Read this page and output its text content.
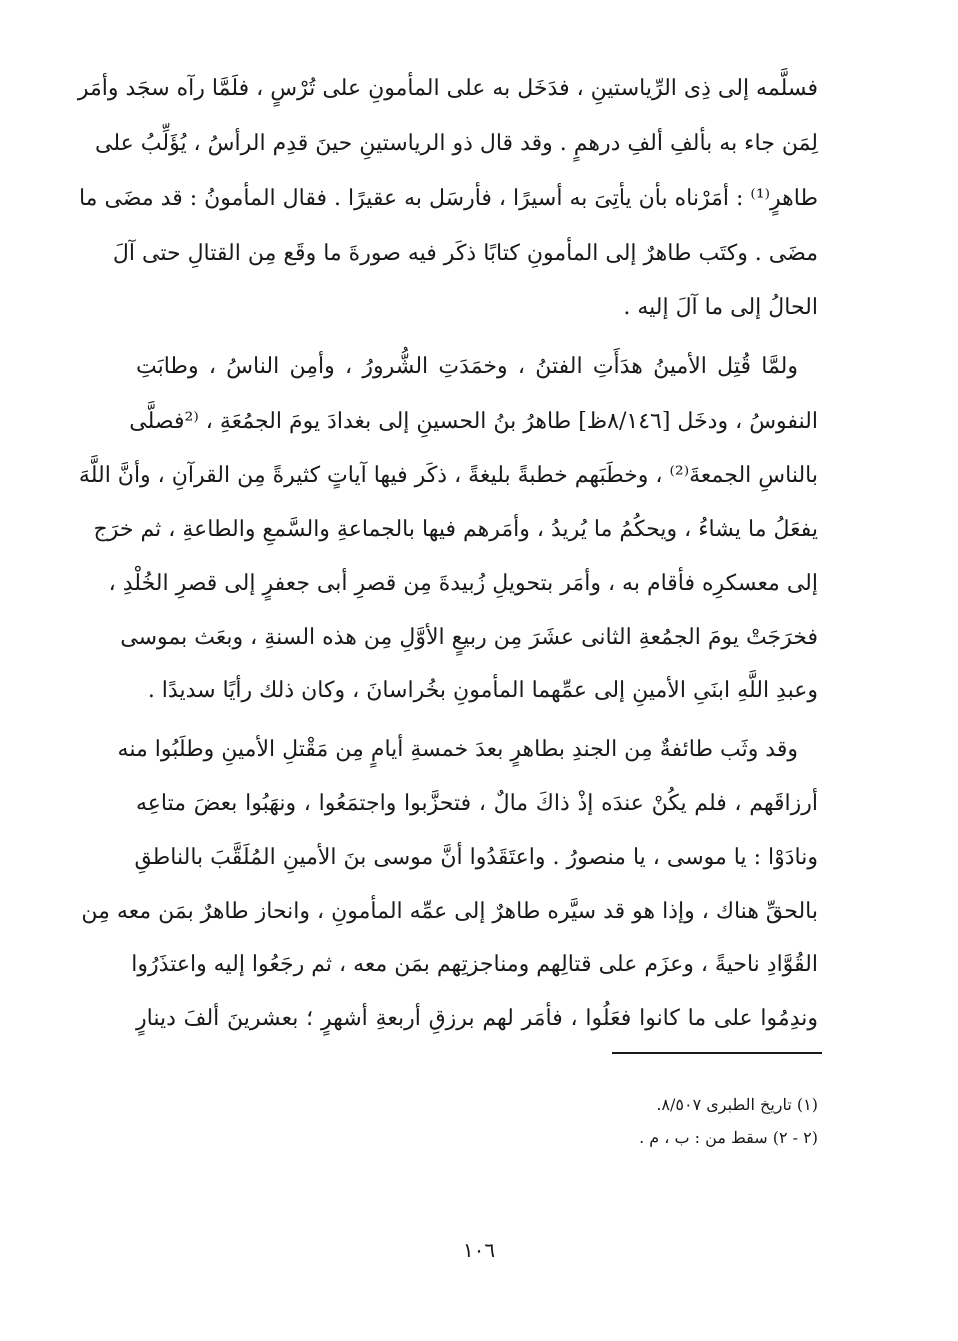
فسلَّمه إلى ذِى الرِّياستينِ ، فدَخَل به على المأمونِ على تُرْسٍ ، فلَمَّا رآه سجَد وأمَر
لِمَن جاء به بألفِ ألفِ درهمٍ . وقد قال ذو الرياستينِ حينَ قدِم الرأسُ ، يُؤَلِّبُ على
طاهرٍ⁽¹⁾ : أمَرْناه بأن يأتِىَ به أسيرًا ، فأرسَل به عقيرًا . فقال المأمونُ : قد مضَى ما
مضَى . وكتَب طاهرٌ إلى المأمونِ كتابًا ذكَر فيه صورةَ ما وقَع مِن القتالِ حتى آلَ
الحالُ إلى ما آلَ إليه .
ولمَّا قُتِل الأمينُ هدَأَتِ الفتنُ ، وخمَدَتِ الشُّرورُ ، وأمِن الناسُ ، وطابَتِ
النفوسُ ، ودخَل [٨/١٤٦ظ] طاهرُ بنُ الحسينِ إلى بغدادَ يومَ الجمُعَةِ ، ⁽²فصلَّى
بالناسِ الجمعةَ⁽²⁾ ، وخطَبَهم خطبةً بليغةً ، ذكَر فيها آياتٍ كثيرةً مِن القرآنِ ، وأنَّ اللَّهَ
يفعَلُ ما يشاءُ ، ويحكُمُ ما يُريدُ ، وأمَرهم فيها بالجماعةِ والسَّمعِ والطاعةِ ، ثم خرَج
إلى معسكرِه فأقام به ، وأمَر بتحويلِ زُبيدةَ مِن قصرِ أبى جعفرٍ إلى قصرِ الخُلْدِ ،
فخرَجَتْ يومَ الجمُعةِ الثانى عشَرَ مِن ربيعٍ الأوَّلِ مِن هذه السنةِ ، وبعَث بموسى
وعبدِ اللَّهِ ابنَىِ الأمينِ إلى عمِّهما المأمونِ بخُراسانَ ، وكان ذلك رأيًا سديدًا .
وقد وثَب طائفةٌ مِن الجندِ بطاهرٍ بعدَ خمسةِ أيامٍ مِن مَقْتلِ الأمينِ وطلَبُوا منه
أرزاقَهم ، فلم يكُنْ عندَه إذْ ذاكَ مالٌ ، فتحزَّبوا واجتمَعُوا ، ونهَبُوا بعضَ متاعِه
ونادَوْا : يا موسى ، يا منصورُ . واعتَقَدُوا أنَّ موسى بنَ الأمينِ المُلَقَّبَ بالناطقِ
بالحقِّ هناك ، وإذا هو قد سيَّره طاهرٌ إلى عمِّه المأمونِ ، وانحاز طاهرٌ بمَن معه مِن
القُوَّادِ ناحيةً ، وعزَم على قتالِهم ومناجزتِهم بمَن معه ، ثم رجَعُوا إليه واعتذَرُوا
وندِمُوا على ما كانوا فعَلُوا ، فأمَر لهم برزقِ أربعةِ أشهرٍ ؛ بعشرينَ ألفَ دينارٍ
(١) تاريخ الطبرى ٨/٥٠٧.
(٢ - ٢) سقط من : ب ، م .
١٠٦
